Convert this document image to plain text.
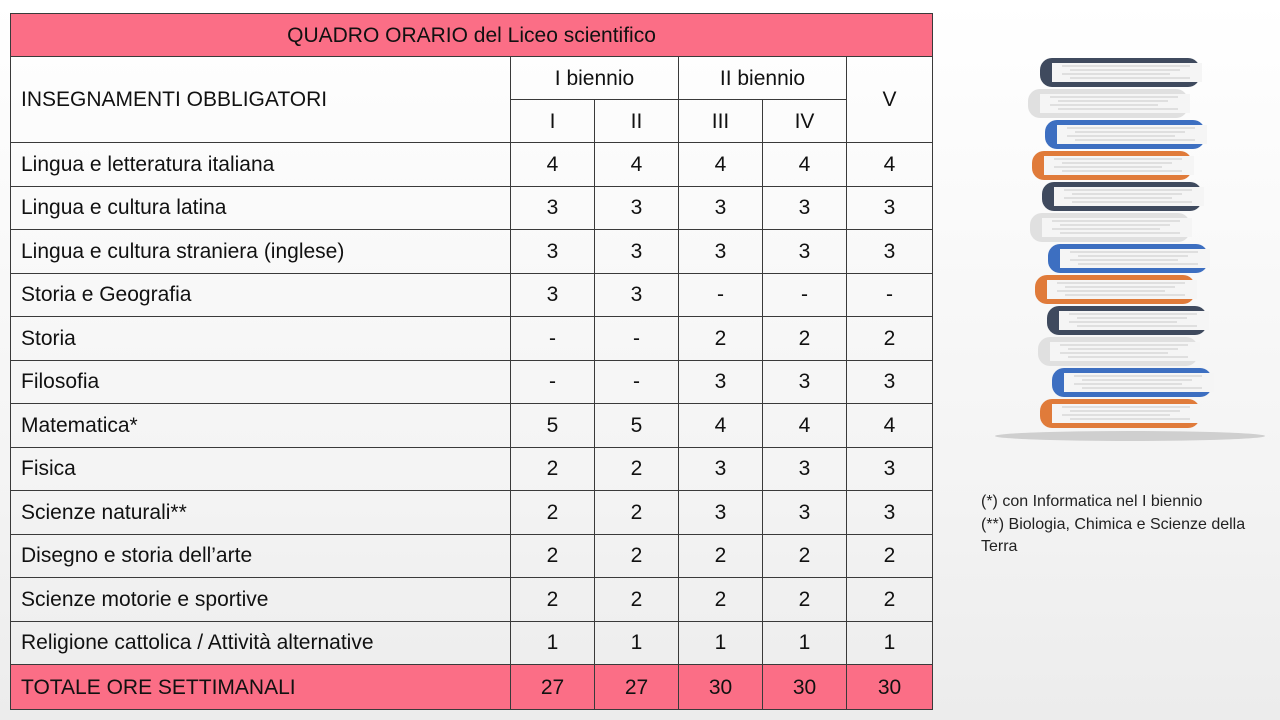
QUADRO ORARIO del Liceo scientifico					
INSEGNAMENTI OBBLIGATORI	I biennio		II biennio		V
	I	II	III	IV	
Lingua e letteratura italiana	4	4	4	4	4
Lingua e cultura latina	3	3	3	3	3
Lingua e cultura straniera (inglese)	3	3	3	3	3
Storia e Geografia	3	3	-	-	-
Storia	-	-	2	2	2
Filosofia	-	-	3	3	3
Matematica*	5	5	4	4	4
Fisica	2	2	3	3	3
Scienze naturali**	2	2	3	3	3
Disegno e storia dell’arte	2	2	2	2	2
Scienze motorie e sportive	2	2	2	2	2
Religione cattolica / Attività alternative	1	1	1	1	1
TOTALE ORE SETTIMANALI	27	27	30	30	30
(*) con Informatica nel I biennio
(**) Biologia, Chimica e Scienze della Terra
